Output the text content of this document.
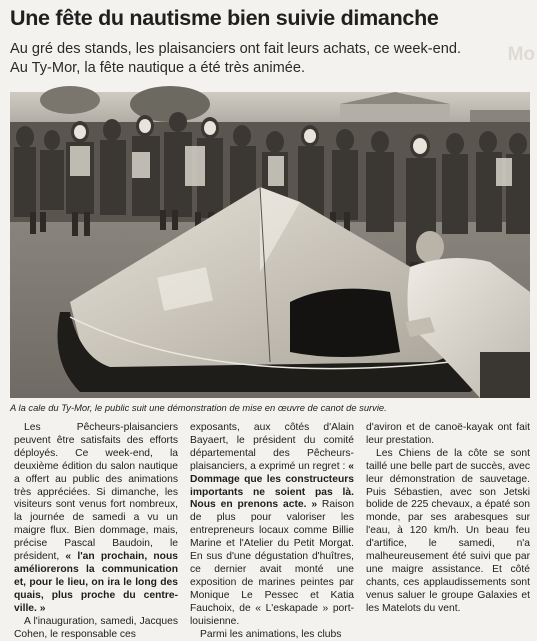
Une fête du nautisme bien suivie dimanche
Mo
Au gré des stands, les plaisanciers ont fait leurs achats, ce week-end.
Au Ty-Mor, la fête nautique a été très animée.
A la cale du Ty-Mor, le public suit une démonstration de mise en œuvre de canot de survie.

Les Pêcheurs-plaisanciers peuvent être satisfaits des efforts déployés. Ce week-end, la deuxième édition du salon nautique a offert au public des animations très appréciées. Si dimanche, les visiteurs sont venus fort nombreux, la journée de samedi a vu un maigre flux. Bien dommage, mais, précise Pascal Baudoin, le président, « l'an prochain, nous améliorerons la communication et, pour le lieu, on ira le long des quais, plus proche du centre-ville. »

A l'inauguration, samedi, Jacques Cohen, le responsable ces

exposants, aux côtés d'Alain Bayaert, le président du comité départemental des Pêcheurs-plaisanciers, a exprimé un regret : « Dommage que les constructeurs importants ne soient pas là. Nous en prenons acte. » Raison de plus pour valoriser les entrepreneurs locaux comme Billie Marine et l'Atelier du Petit Morgat. En sus d'une dégustation d'huîtres, ce dernier avait monté une exposition de marines peintes par Monique Le Pessec et Katia Fauchoix, de « L'eskapade » port-louisienne.

Parmi les animations, les clubs

d'aviron et de canoë-kayak ont fait leur prestation.

Les Chiens de la côte se sont taillé une belle part de succès, avec leur démonstration de sauvetage. Puis Sébastien, avec son Jetski bolide de 225 chevaux, a épaté son monde, par ses arabesques sur l'eau, à 120 km/h. Un beau feu d'artifice, le samedi, n'a malheureusement été suivi que par une maigre assistance. Et côté chants, ces applaudissements sont venus saluer le groupe Galaxies et les Matelots du vent.
